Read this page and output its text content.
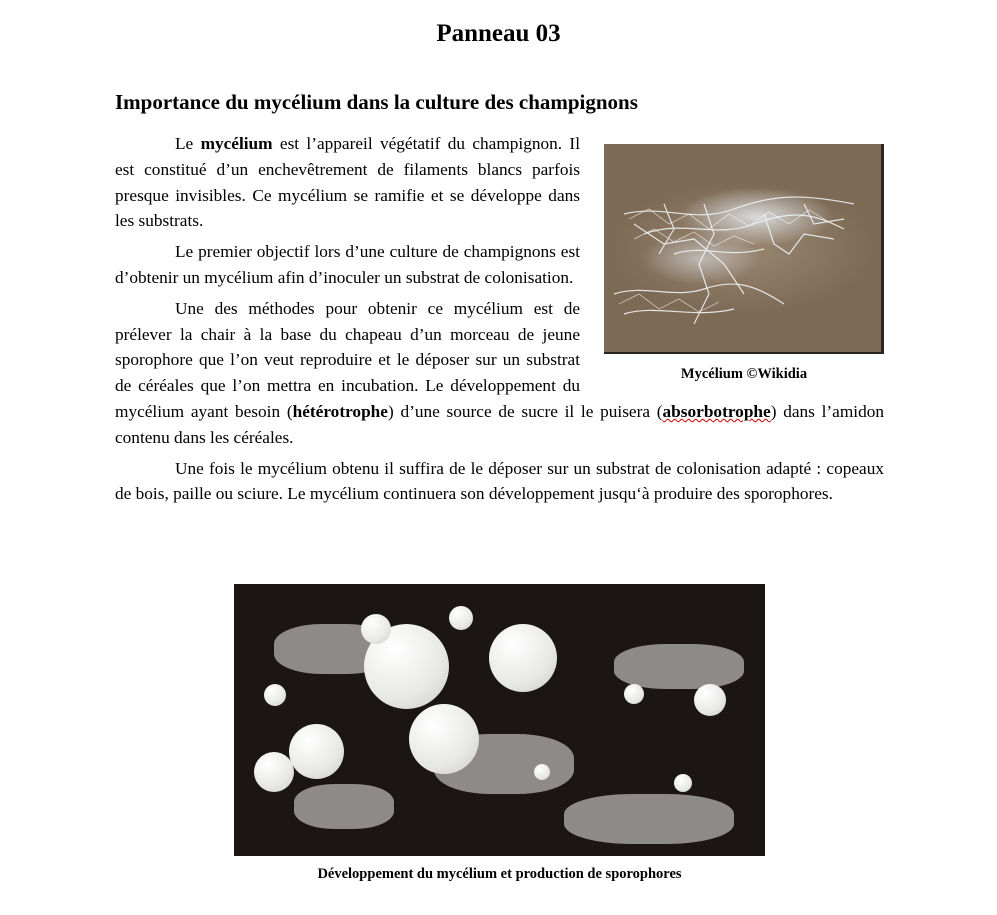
Panneau 03
Importance du mycélium dans la culture des champignons
Mycélium ©Wikidia

Le mycélium est l’appareil végétatif du champignon. Il est constitué d’un enchevêtrement de filaments blancs parfois presque invisibles. Ce mycélium se ramifie et se développe dans les substrats.

Le premier objectif lors d’une culture de champignons est d’obtenir un mycélium afin d’inoculer un substrat de colonisation.

Une des méthodes pour obtenir ce mycélium est de prélever la chair à la base du chapeau d’un morceau de jeune sporophore que l’on veut reproduire et le déposer sur un substrat de céréales que l’on mettra en incubation. Le développement du mycélium ayant besoin (hétérotrophe) d’une source de sucre il le puisera (absorbotrophe) dans l’amidon contenu dans les céréales.

Une fois le mycélium obtenu il suffira de le déposer sur un substrat de colonisation adapté : copeaux de bois, paille ou sciure. Le mycélium continuera son développement jusqu‘à produire des sporophores.

Développement du mycélium et production de sporophores
